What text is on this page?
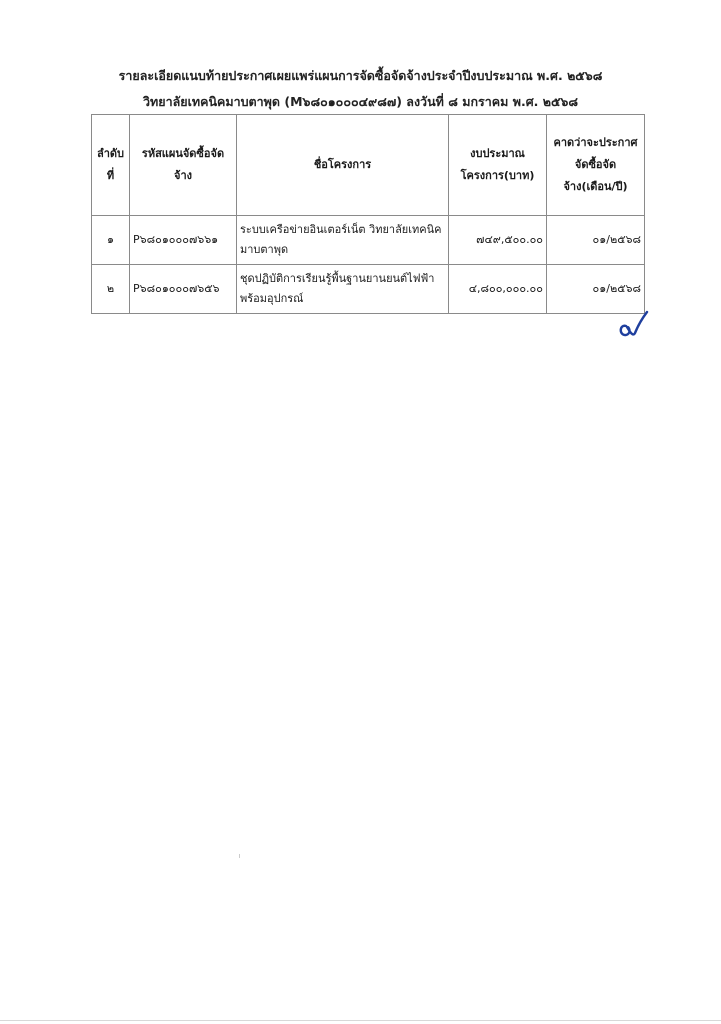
รายละเอียดแนบท้ายประกาศเผยแพร่แผนการจัดซื้อจัดจ้างประจำปีงบประมาณ พ.ศ. ๒๕๖๘
วิทยาลัยเทคนิคมาบตาพุด (M๖๘๐๑๐๐๐๔๙๘๗) ลงวันที่ ๘ มกราคม พ.ศ. ๒๕๖๘
ลำดับที่	รหัสแผนจัดซื้อจัดจ้าง	ชื่อโครงการ	งบประมาณโครงการ(บาท)	คาดว่าจะประกาศจัดซื้อจัดจ้าง(เดือน/ปี)
๑	P๖๘๐๑๐๐๐๗๖๖๑	ระบบเครือข่ายอินเตอร์เน็ต วิทยาลัยเทคนิคมาบตาพุด	๗๔๙,๕๐๐.๐๐	๐๑/๒๕๖๘
๒	P๖๘๐๑๐๐๐๗๖๕๖	ชุดปฏิบัติการเรียนรู้พื้นฐานยานยนต์ไฟฟ้าพร้อมอุปกรณ์	๔,๘๐๐,๐๐๐.๐๐	๐๑/๒๕๖๘
